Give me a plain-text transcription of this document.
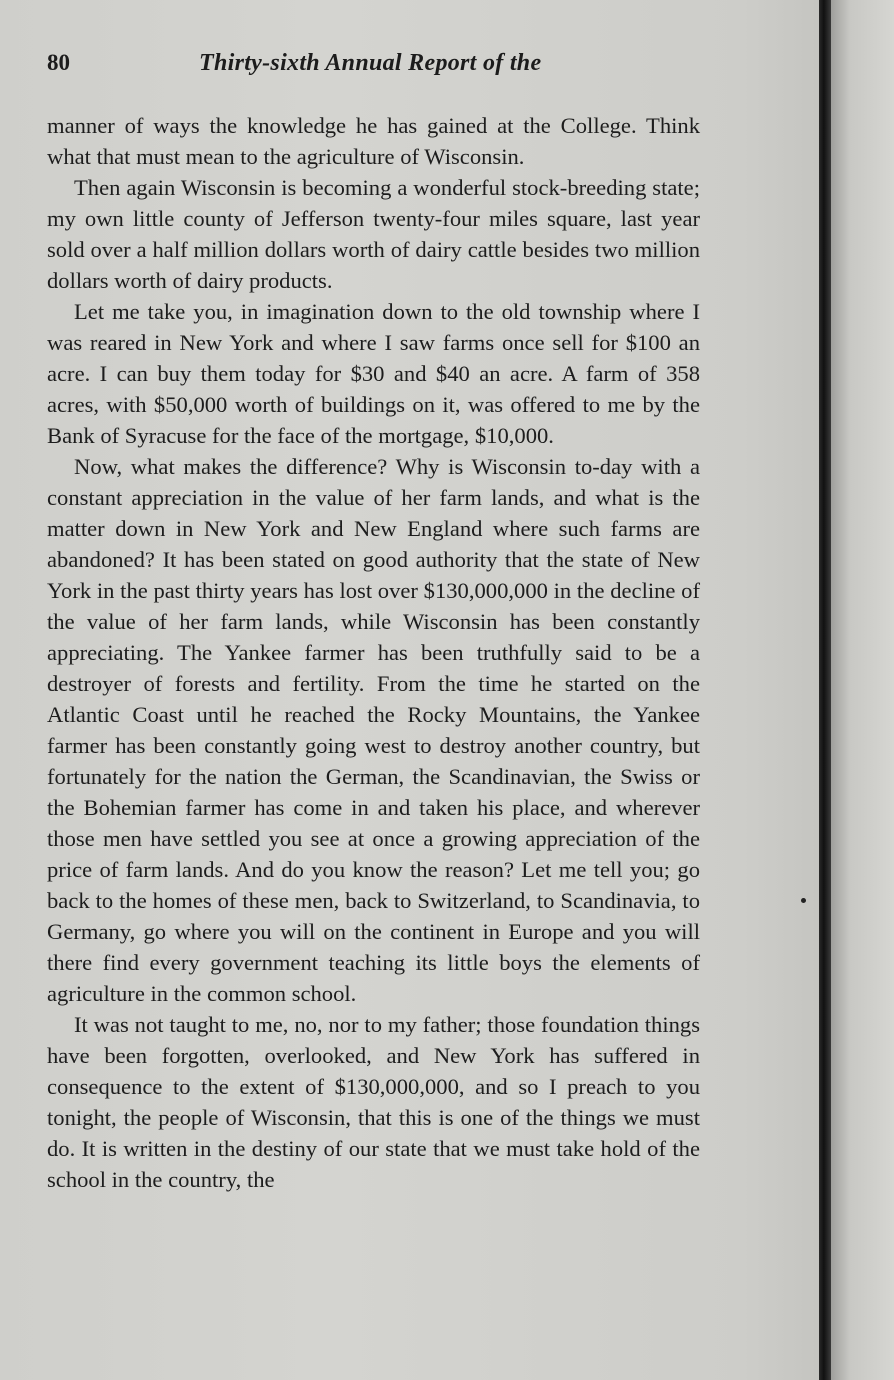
80	Thirty-sixth Annual Report of the

manner of ways the knowledge he has gained at the College. Think what that must mean to the agriculture of Wisconsin.

Then again Wisconsin is becoming a wonderful stock-breeding state; my own little county of Jefferson twenty-four miles square, last year sold over a half million dollars worth of dairy cattle besides two million dollars worth of dairy products.

Let me take you, in imagination down to the old township where I was reared in New York and where I saw farms once sell for $100 an acre. I can buy them today for $30 and $40 an acre. A farm of 358 acres, with $50,000 worth of buildings on it, was offered to me by the Bank of Syracuse for the face of the mortgage, $10,000.

Now, what makes the difference? Why is Wisconsin to-day with a constant appreciation in the value of her farm lands, and what is the matter down in New York and New England where such farms are abandoned? It has been stated on good authority that the state of New York in the past thirty years has lost over $130,000,000 in the decline of the value of her farm lands, while Wisconsin has been constantly appreciating. The Yankee farmer has been truthfully said to be a destroyer of forests and fertility. From the time he started on the Atlantic Coast until he reached the Rocky Mountains, the Yankee farmer has been constantly going west to destroy another country, but fortunately for the nation the German, the Scandinavian, the Swiss or the Bohemian farmer has come in and taken his place, and wherever those men have settled you see at once a growing appreciation of the price of farm lands. And do you know the reason? Let me tell you; go back to the homes of these men, back to Switzerland, to Scandinavia, to Germany, go where you will on the continent in Europe and you will there find every government teaching its little boys the elements of agriculture in the common school.

It was not taught to me, no, nor to my father; those foundation things have been forgotten, overlooked, and New York has suffered in consequence to the extent of $130,000,000, and so I preach to you tonight, the people of Wisconsin, that this is one of the things we must do. It is written in the destiny of our state that we must take hold of the school in the country, the
